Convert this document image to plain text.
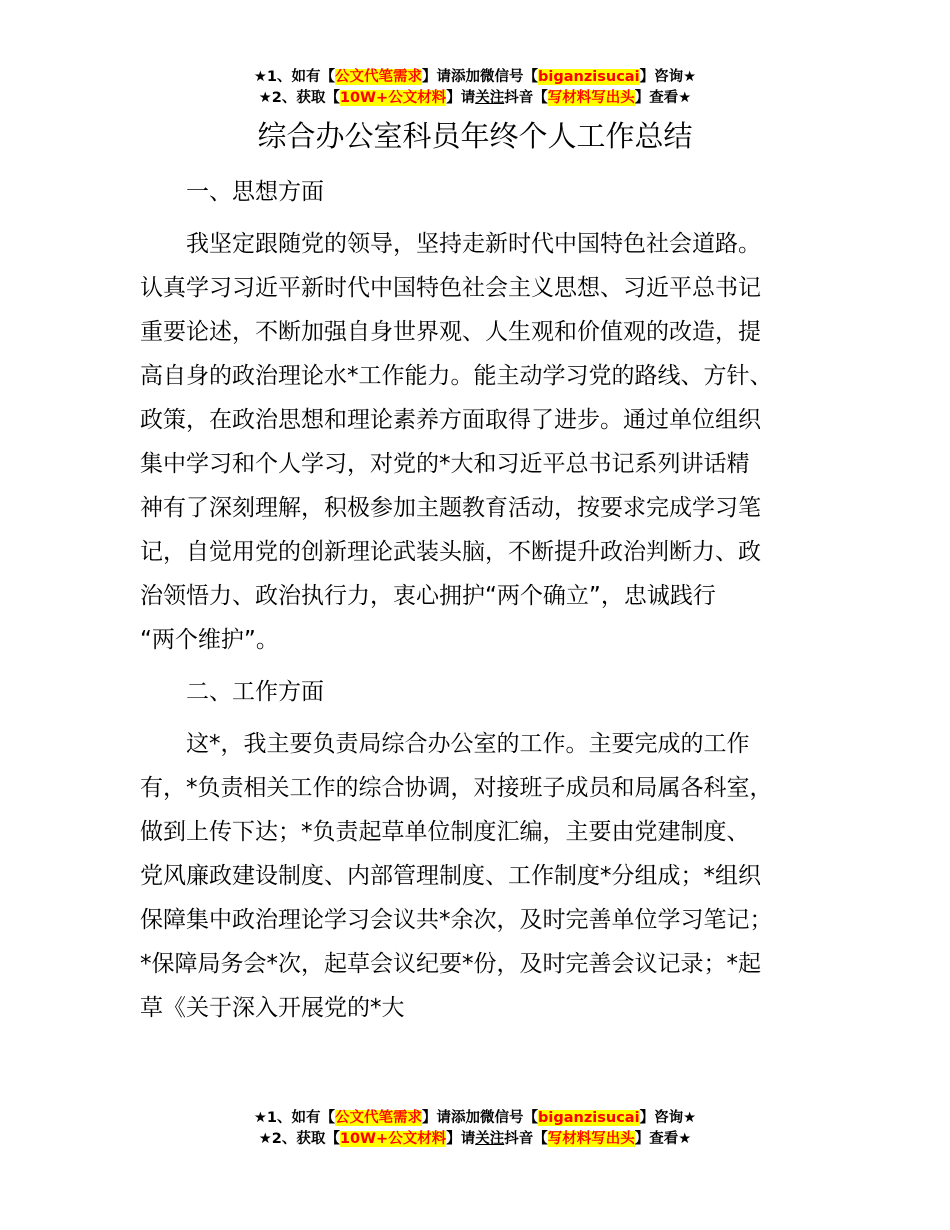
★1、如有【公文代笔需求】请添加微信号【biganzisucai】咨询★
★2、获取【10W+公文材料】请关注抖音【写材料写出头】查看★
综合办公室科员年终个人工作总结
一、思想方面

我坚定跟随党的领导，坚持走新时代中国特色社会道路。
认真学习习近平新时代中国特色社会主义思想、习近平总书记
重要论述，不断加强自身世界观、人生观和价值观的改造，提
高自身的政治理论水*工作能力。能主动学习党的路线、方针、
政策，在政治思想和理论素养方面取得了进步。通过单位组织
集中学习和个人学习，对党的*大和习近平总书记系列讲话精
神有了深刻理解，积极参加主题教育活动，按要求完成学习笔
记，自觉用党的创新理论武装头脑，不断提升政治判断力、政
治领悟力、政治执行力，衷心拥护“两个确立”，忠诚践行
“两个维护”。

二、工作方面

这*，我主要负责局综合办公室的工作。主要完成的工作
有，*负责相关工作的综合协调，对接班子成员和局属各科室，
做到上传下达；*负责起草单位制度汇编，主要由党建制度、
党风廉政建设制度、内部管理制度、工作制度*分组成；*组织
保障集中政治理论学习会议共*余次，及时完善单位学习笔记；
*保障局务会*次，起草会议纪要*份，及时完善会议记录；*起
草《关于深入开展党的*大

★1、如有【公文代笔需求】请添加微信号【biganzisucai】咨询★
★2、获取【10W+公文材料】请关注抖音【写材料写出头】查看★
